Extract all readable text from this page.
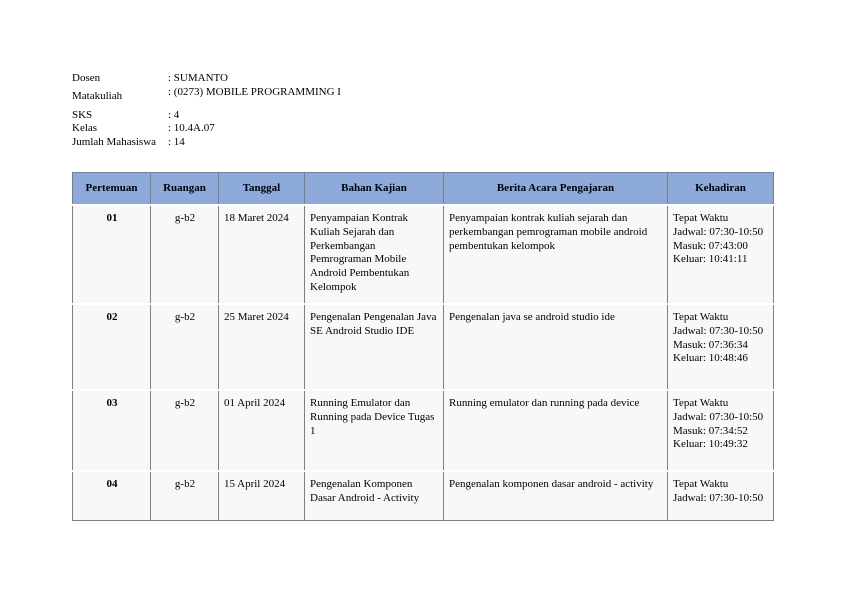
Dosen	: SUMANTO
Matakuliah	: (0273) MOBILE PROGRAMMING I
SKS	: 4
Kelas	: 10.4A.07
Jumlah Mahasiswa : 14
Pertemuan	Ruangan	Tanggal	Bahan Kajian	Berita Acara Pengajaran	Kehadiran
01	g-b2	18 Maret 2024	Penyampaian Kontrak Kuliah Sejarah dan Perkembangan Pemrograman Mobile Android Pembentukan Kelompok	Penyampaian kontrak kuliah sejarah dan perkembangan pemrograman mobile android pembentukan kelompok	Tepat Waktu
Jadwal: 07:30-10:50
Masuk: 07:43:00
Keluar: 10:41:11

02	g-b2	25 Maret 2024	Pengenalan Pengenalan Java SE Android Studio IDE	Pengenalan java se android studio ide	Tepat Waktu
Jadwal: 07:30-10:50
Masuk: 07:36:34
Keluar: 10:48:46

03	g-b2	01 April 2024	Running Emulator dan Running pada Device Tugas 1	Running emulator dan running pada device	Tepat Waktu
Jadwal: 07:30-10:50
Masuk: 07:34:52
Keluar: 10:49:32

04	g-b2	15 April 2024	Pengenalan Komponen Dasar Android - Activity	Pengenalan komponen dasar android - activity	Tepat Waktu
Jadwal: 07:30-10:50
